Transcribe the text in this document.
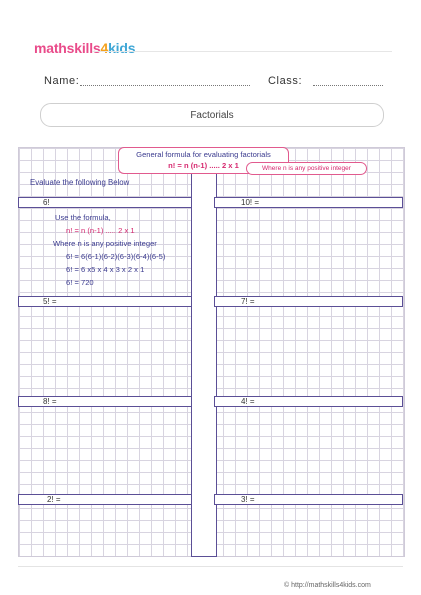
mathskills4kids
Name:	Class:
Factorials
General formula for evaluating factorials
n! = n (n-1) ..... 2 x 1	Where n is any positive integer
Evaluate the following Below
6!	10! =
Use the formula,
n! = n (n-1) ..... 2 x 1
Where n is any positive integer
6! = 6(6-1)(6-2)(6-3)(6-4)(6-5)
6! = 6 x5 x 4 x 3 x 2 x 1
6! = 720
5! =	7! =
8! =	4! =
2! =	3! =
© http://mathskills4kids.com
